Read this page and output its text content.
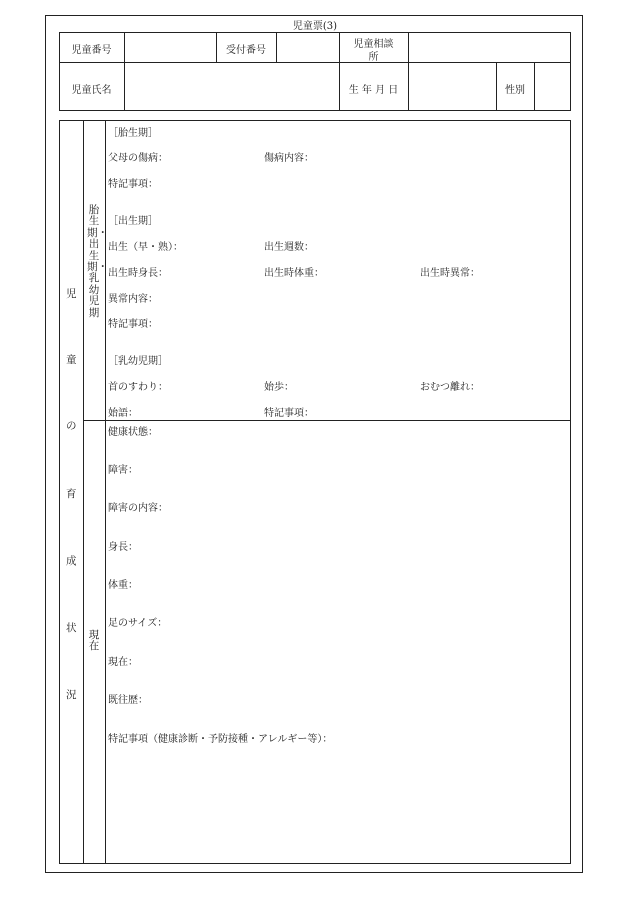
児童票(3)
児童番号	受付番号
児童相談
所
児童氏名	生 年 月 日	性別
児
童
の
育
成
状
況
胎生期・出生期・乳幼児期
現在
［胎生期］
父母の傷病：	傷病内容：
特記事項：
［出生期］
出生（早・熟）：	出生週数：
出生時身長：	出生時体重：	出生時異常：
異常内容：
特記事項：
［乳幼児期］
首のすわり：	始歩：	おむつ離れ：
始語：	特記事項：
健康状態：
障害：
障害の内容：
身長：
体重：
足のサイズ：
現在：
既往歴：
特記事項（健康診断・予防接種・アレルギー等）：
